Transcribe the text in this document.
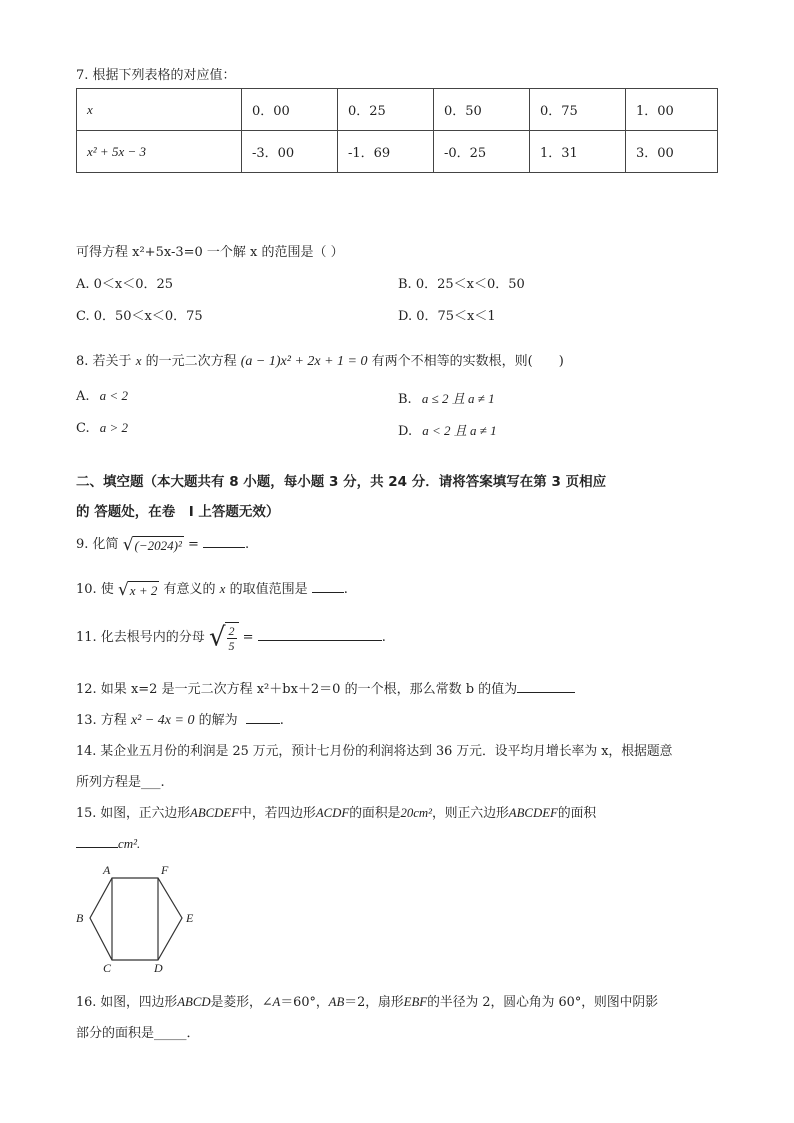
7. 根据下列表格的对应值：
x	0．00	0．25	0．50	0．75	1．00
x² + 5x − 3	-3．00	-1．69	-0．25	1．31	3．00
可得方程 x²+5x-3=0 一个解 x 的范围是（ ）
A. 0＜x＜0．25	B. 0．25＜x＜0．50
C. 0．50＜x＜0．75	D. 0．75＜x＜1
8. 若关于 x 的一元二次方程 (a − 1)x² + 2x + 1 = 0 有两个不相等的实数根，则(　　)
A. a < 2	B. a ≤ 2 且 a ≠ 1
C. a > 2	D. a < 2 且 a ≠ 1
二、填空题（本大题共有 8 小题，每小题 3 分，共 24 分．请将答案填写在第 3 页相应
的 答题处，在卷　I 上答题无效）
9. 化简 √(−2024)² =	.
10. 使 √x + 2 有意义的 x 的取值范围是	.
11. 化去根号内的分母 √ $\frac{2}{5}$ =	.
12. 如果 x=2 是一元二次方程 x²＋bx＋2＝0 的一个根，那么常数 b 的值为
13. 方程 x² − 4x = 0 的解为	.
14. 某企业五月份的利润是 25 万元，预计七月份的利润将达到 36 万元．设平均月增长率为 x，根据题意
所列方程是___.
15. 如图，正六边形ABCDEF中，若四边形ACDF的面积是20cm²，则正六边形ABCDEF的面积
cm².
A	F
B	E
C	D
16. 如图，四边形ABCD是菱形，∠A＝60°，AB＝2，扇形EBF的半径为 2，圆心角为 60°，则图中阴影
部分的面积是_____．
